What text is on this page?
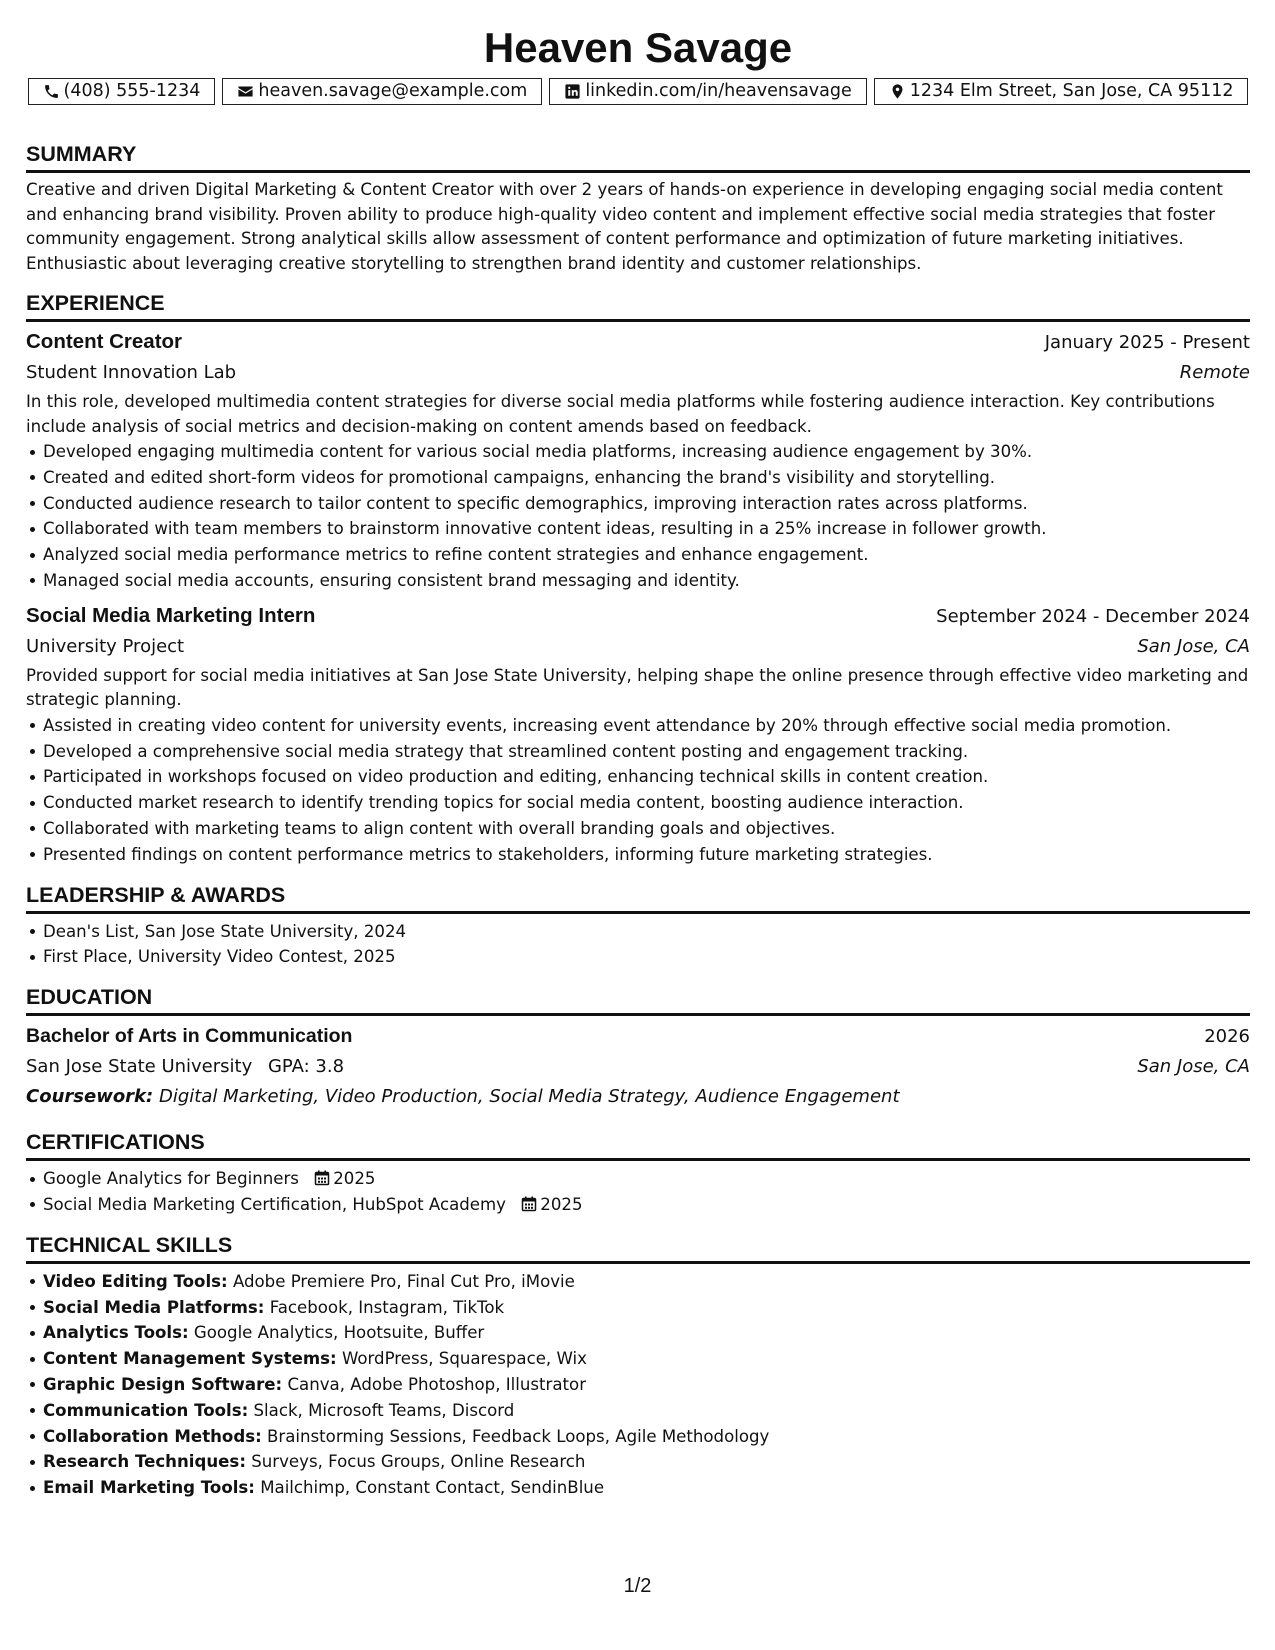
Heaven Savage
(408) 555-1234	heaven.savage@example.com	linkedin.com/in/heavensavage	1234 Elm Street, San Jose, CA 95112
SUMMARY
Creative and driven Digital Marketing & Content Creator with over 2 years of hands-on experience in developing engaging social media content and enhancing brand visibility. Proven ability to produce high-quality video content and implement effective social media strategies that foster community engagement. Strong analytical skills allow assessment of content performance and optimization of future marketing initiatives. Enthusiastic about leveraging creative storytelling to strengthen brand identity and customer relationships.
EXPERIENCE
Content Creator	January 2025 - Present
Student Innovation Lab	Remote
In this role, developed multimedia content strategies for diverse social media platforms while fostering audience interaction. Key contributions include analysis of social metrics and decision-making on content amends based on feedback.
Developed engaging multimedia content for various social media platforms, increasing audience engagement by 30%.
Created and edited short-form videos for promotional campaigns, enhancing the brand's visibility and storytelling.
Conducted audience research to tailor content to specific demographics, improving interaction rates across platforms.
Collaborated with team members to brainstorm innovative content ideas, resulting in a 25% increase in follower growth.
Analyzed social media performance metrics to refine content strategies and enhance engagement.
Managed social media accounts, ensuring consistent brand messaging and identity.
Social Media Marketing Intern	September 2024 - December 2024
University Project	San Jose, CA
Provided support for social media initiatives at San Jose State University, helping shape the online presence through effective video marketing and strategic planning.
Assisted in creating video content for university events, increasing event attendance by 20% through effective social media promotion.
Developed a comprehensive social media strategy that streamlined content posting and engagement tracking.
Participated in workshops focused on video production and editing, enhancing technical skills in content creation.
Conducted market research to identify trending topics for social media content, boosting audience interaction.
Collaborated with marketing teams to align content with overall branding goals and objectives.
Presented findings on content performance metrics to stakeholders, informing future marketing strategies.
LEADERSHIP & AWARDS
Dean's List, San Jose State University, 2024
First Place, University Video Contest, 2025
EDUCATION
Bachelor of Arts in Communication	2026
San Jose State University GPA: 3.8	San Jose, CA
Coursework: Digital Marketing, Video Production, Social Media Strategy, Audience Engagement
CERTIFICATIONS
Google Analytics for Beginners 2025
Social Media Marketing Certification, HubSpot Academy 2025
TECHNICAL SKILLS
Video Editing Tools: Adobe Premiere Pro, Final Cut Pro, iMovie
Social Media Platforms: Facebook, Instagram, TikTok
Analytics Tools: Google Analytics, Hootsuite, Buffer
Content Management Systems: WordPress, Squarespace, Wix
Graphic Design Software: Canva, Adobe Photoshop, Illustrator
Communication Tools: Slack, Microsoft Teams, Discord
Collaboration Methods: Brainstorming Sessions, Feedback Loops, Agile Methodology
Research Techniques: Surveys, Focus Groups, Online Research
Email Marketing Tools: Mailchimp, Constant Contact, SendinBlue
1/2
